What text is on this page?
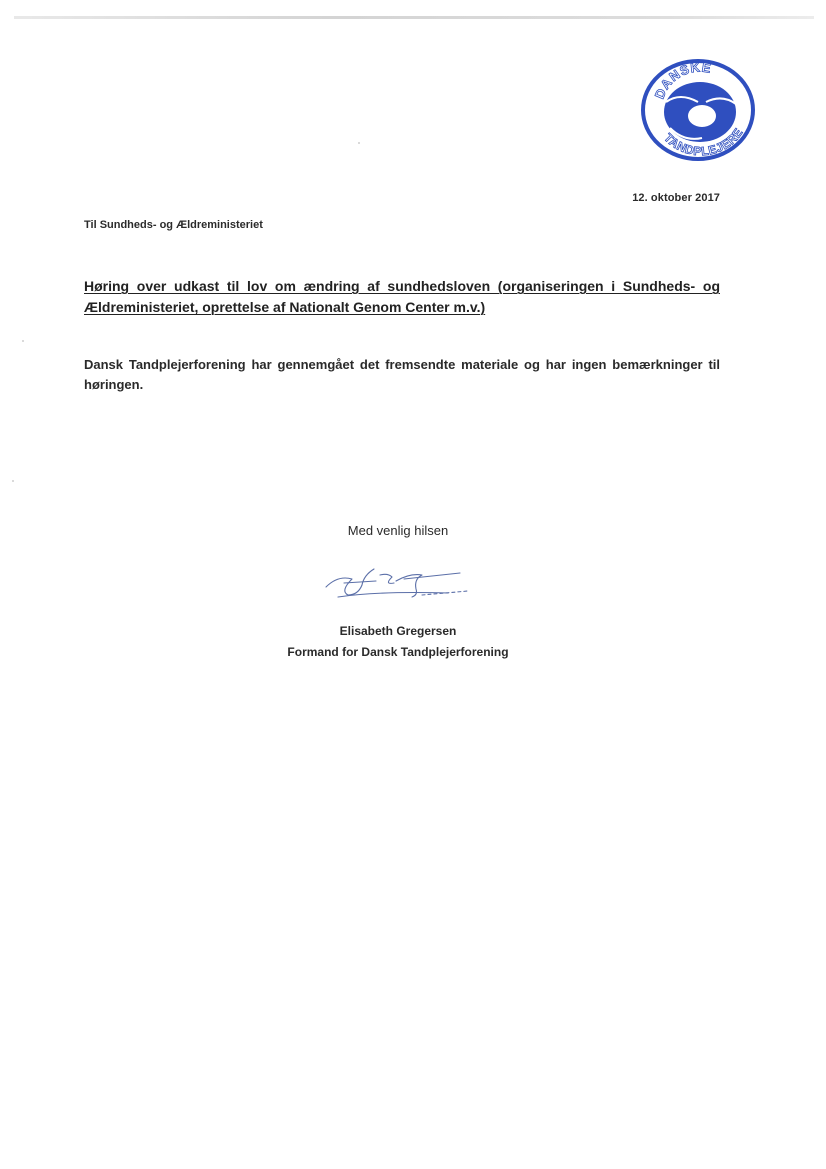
DANSKE
TANDPLEJERE
12. oktober 2017
Til Sundheds- og Ældreministeriet
Høring over udkast til lov om ændring af sundhedsloven (organiseringen i Sundheds- og Ældreministeriet, oprettelse af Nationalt Genom Center m.v.)
Dansk Tandplejerforening har gennemgået det fremsendte materiale og har ingen bemærkninger til høringen.
Med venlig hilsen
Elisabeth Gregersen
Formand for Dansk Tandplejerforening
